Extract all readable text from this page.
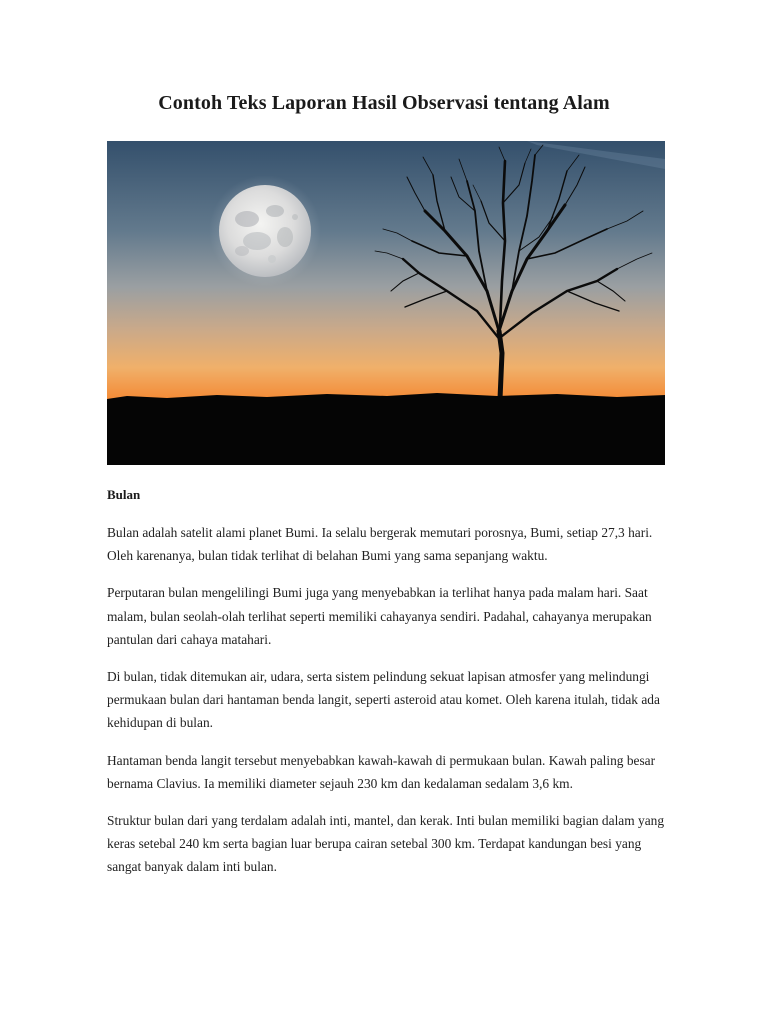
Contoh Teks Laporan Hasil Observasi tentang Alam
Bulan

Bulan adalah satelit alami planet Bumi. Ia selalu bergerak memutari porosnya, Bumi, setiap 27,3 hari. Oleh karenanya, bulan tidak terlihat di belahan Bumi yang sama sepanjang waktu.

Perputaran bulan mengelilingi Bumi juga yang menyebabkan ia terlihat hanya pada malam hari. Saat malam, bulan seolah-olah terlihat seperti memiliki cahayanya sendiri. Padahal, cahayanya merupakan pantulan dari cahaya matahari.

Di bulan, tidak ditemukan air, udara, serta sistem pelindung sekuat lapisan atmosfer yang melindungi permukaan bulan dari hantaman benda langit, seperti asteroid atau komet. Oleh karena itulah, tidak ada kehidupan di bulan.

Hantaman benda langit tersebut menyebabkan kawah-kawah di permukaan bulan. Kawah paling besar bernama Clavius. Ia memiliki diameter sejauh 230 km dan kedalaman sedalam 3,6 km.

Struktur bulan dari yang terdalam adalah inti, mantel, dan kerak. Inti bulan memiliki bagian dalam yang keras setebal 240 km serta bagian luar berupa cairan setebal 300 km. Terdapat kandungan besi yang sangat banyak dalam inti bulan.
